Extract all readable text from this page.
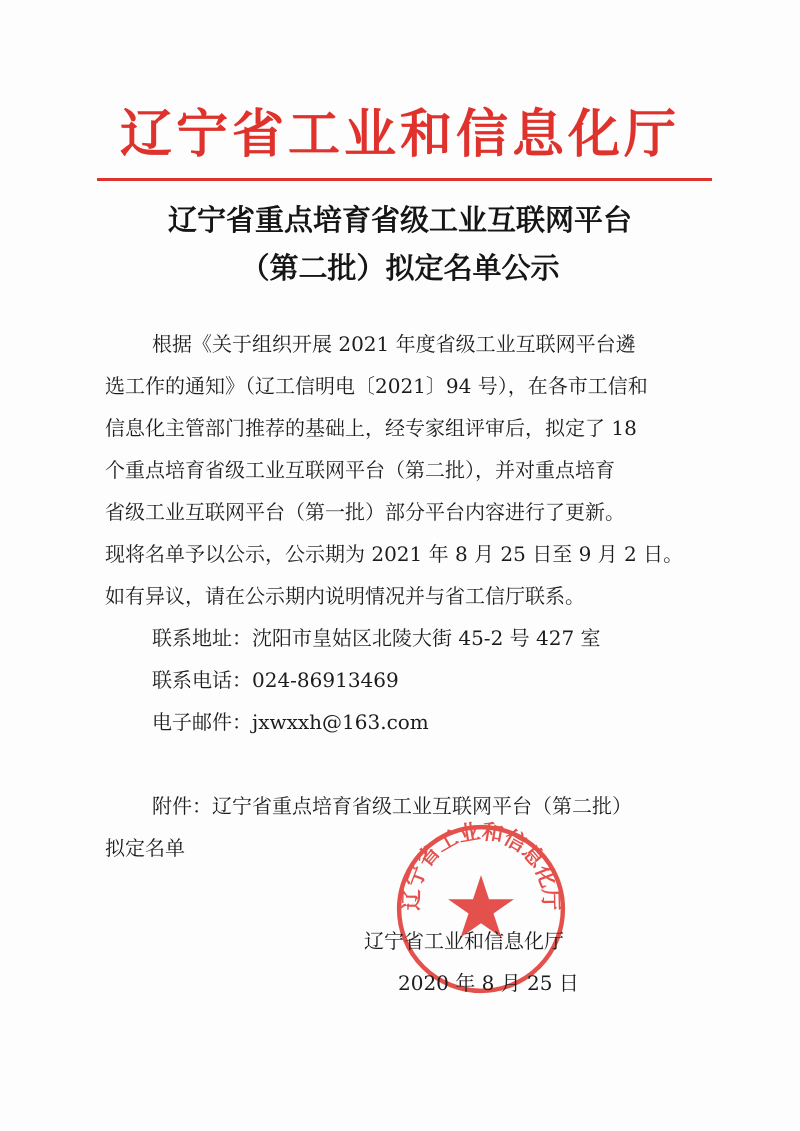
辽宁省工业和信息化厅
辽宁省重点培育省级工业互联网平台
（第二批）拟定名单公示
根据《关于组织开展 2021 年度省级工业互联网平台遴
选工作的通知》（辽工信明电〔2021〕94 号），在各市工信和
信息化主管部门推荐的基础上，经专家组评审后，拟定了 18
个重点培育省级工业互联网平台（第二批），并对重点培育
省级工业互联网平台（第一批）部分平台内容进行了更新。
现将名单予以公示，公示期为 2021 年 8 月 25 日至 9 月 2 日。
如有异议，请在公示期内说明情况并与省工信厅联系。
联系地址：沈阳市皇姑区北陵大街 45-2 号 427 室
联系电话：024-86913469
电子邮件：jxwxxh@163.com
附件：辽宁省重点培育省级工业互联网平台（第二批）
拟定名单
辽宁省工业和信息化厅
辽宁省工业和信息化厅
2020 年 8 月 25 日
